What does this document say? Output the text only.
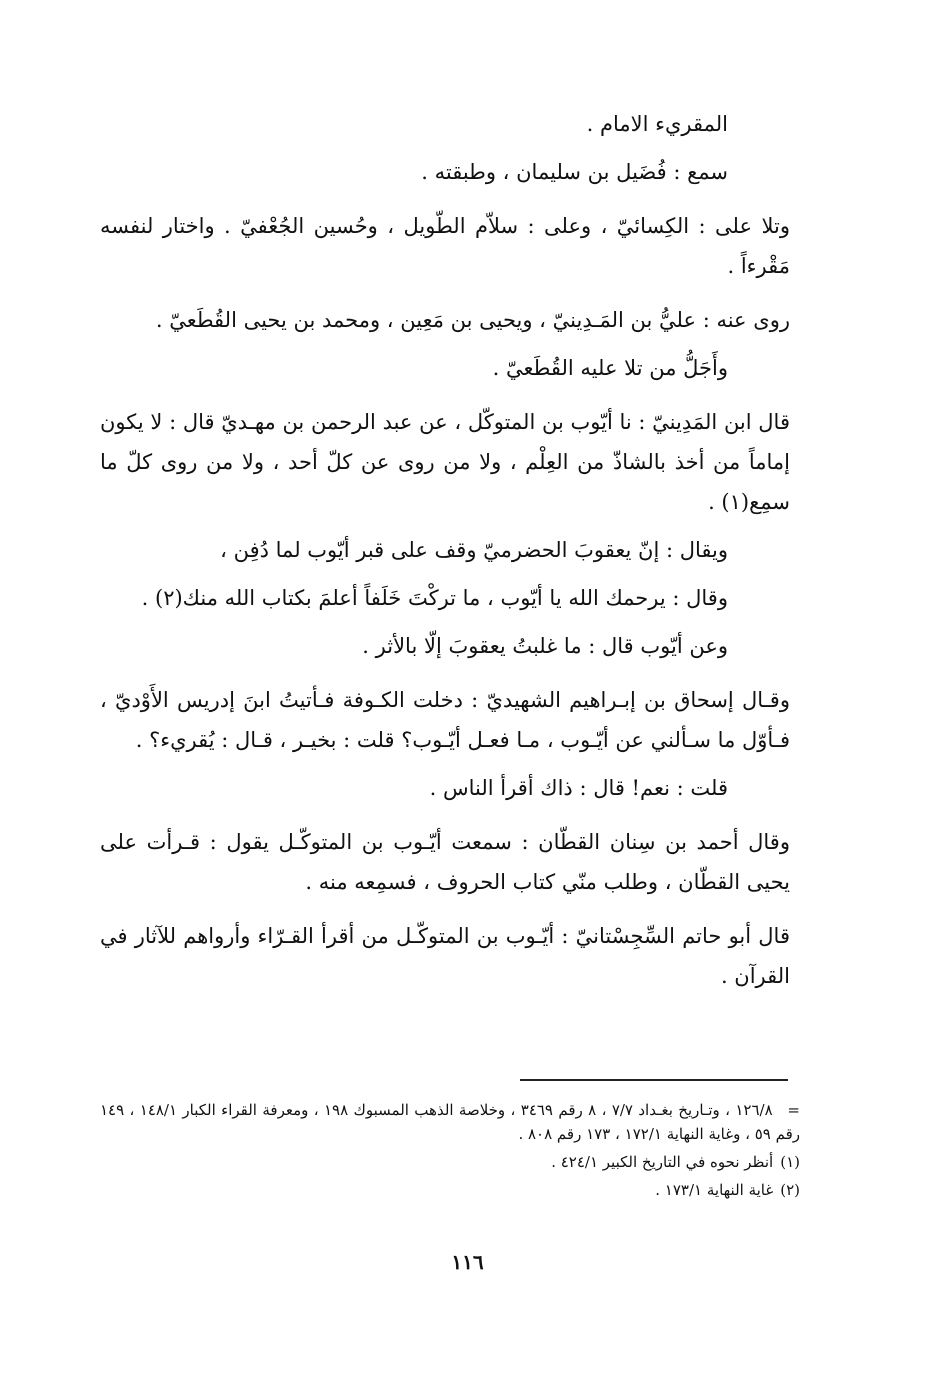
المقريء الامام .

سمع : فُضَيل بن سليمان ، وطبقته .

وتلا على : الكِسائيّ ، وعلى : سلاّم الطّويل ، وحُسين الجُعْفيّ . واختار لنفسه مَقْرءاً .

روى عنه : عليُّ بن المَـدِينيّ ، ويحيى بن مَعِين ، ومحمد بن يحيى القُطَعيّ .

وأَجَلُّ من تلا عليه القُطَعيّ .

قال ابن المَدِينيّ : نا أيّوب بن المتوكّل ، عن عبد الرحمن بن مهـديّ قال : لا يكون إماماً من أخذ بالشاذّ من العِلْم ، ولا من روى عن كلّ أحد ، ولا من روى كلّ ما سمِع(١) .

ويقال : إنّ يعقوبَ الحضرميّ وقف على قبر أيّوب لما دُفِن ،

وقال : يرحمك الله يا أيّوب ، ما تركْتَ خَلَفاً أعلمَ بكتاب الله منك(٢) .

وعن أيّوب قال : ما غلبتُ يعقوبَ إلّا بالأثر .

وقـال إسحاق بن إبـراهيم الشهيديّ : دخلت الكـوفة فـأتيتُ ابنَ إدريس الأَوْديّ ، فـأوّل ما سـألني عن أيّـوب ، مـا فعـل أيّـوب؟ قلت : بخيـر ، قـال : يُقريء؟ .

قلت : نعم! قال : ذاك أقرأ الناس .

وقال أحمد بن سِنان القطّان : سمعت أيّـوب بن المتوكّـل يقول : قـرأت على يحيى القطّان ، وطلب منّي كتاب الحروف ، فسمِعه منه .

قال أبو حاتم السِّجِسْتانيّ : أيّـوب بن المتوكّـل من أقرأ القـرّاء وأرواهم للآثار في القرآن .

= ١٢٦/٨ ، وتـاريخ بغـداد ٧/٧ ، ٨ رقم ٣٤٦٩ ، وخلاصة الذهب المسبوك ١٩٨ ، ومعرفة القراء الكبار ١٤٨/١ ، ١٤٩ رقم ٥٩ ، وغاية النهاية ١٧٢/١ ، ١٧٣ رقم ٨٠٨ .

(١) أنظر نحوه في التاريخ الكبير ٤٢٤/١ .

(٢) غاية النهاية ١٧٣/١ .

١١٦
